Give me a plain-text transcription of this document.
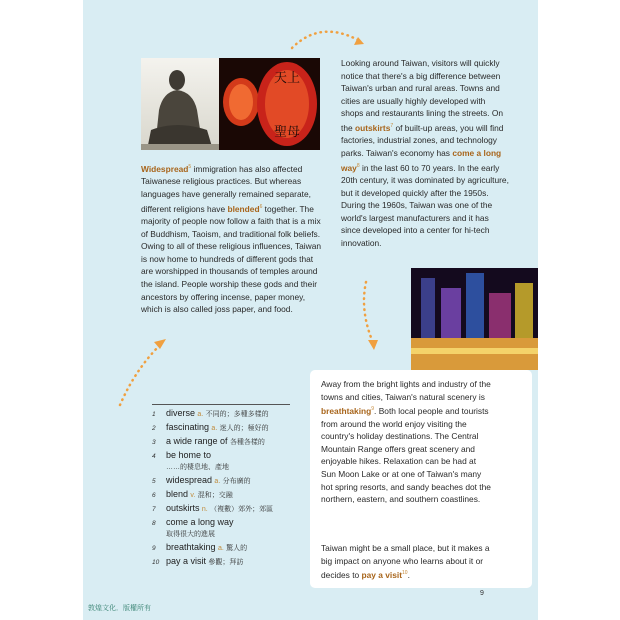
天上
聖母

Looking around Taiwan, visitors will quickly notice that there's a big difference between Taiwan's urban and rural areas. Towns and cities are usually highly developed with shops and restaurants lining the streets. On the outskirts$^7$ of built-up areas, you will find factories, industrial zones, and technology parks. Taiwan's economy has come a long way$^8$ in the last 60 to 70 years. In the early 20th century, it was dominated by agriculture, but it developed quickly after the 1950s. During the 1960s, Taiwan was one of the world's largest manufacturers and it has since developed into a center for hi-tech innovation.

Widespread$^5$ immigration has also affected Taiwanese religious practices. But whereas languages have generally remained separate, different religions have blended$^6$ together. The majority of people now follow a faith that is a mix of Buddhism, Taoism, and traditional folk beliefs. Owing to all of these religious influences, Taiwan is now home to hundreds of different gods that are worshipped in thousands of temples around the island. People worship these gods and their ancestors by offering incense, paper money, which is also called joss paper, and food.

Away from the bright lights and industry of the towns and cities, Taiwan's natural scenery is breathtaking$^9$. Both local people and tourists from around the world enjoy visiting the country's holiday destinations. The Central Mountain Range offers great scenery and enjoyable hikes. Relaxation can be had at Sun Moon Lake or at one of Taiwan's many hot spring resorts, and sandy beaches dot the northern, eastern, and southern coastlines.

Taiwan might be a small place, but it makes a big impact on anyone who learns about it or decides to pay a visit$^{10}$.

1	diverse a. 不同的；多種多樣的
2	fascinating a. 迷人的；極好的
3	a wide range of 各種各樣的
4	be home to
……的棲息地、產地
5	widespread a. 分布廣的
6	blend v. 混和；交融
7	outskirts n. （複數）郊外；郊區
8	come a long way
取得很大的進展
9	breathtaking a. 驚人的
10 pay a visit 參觀；拜訪
9
敦煌文化．版權所有
